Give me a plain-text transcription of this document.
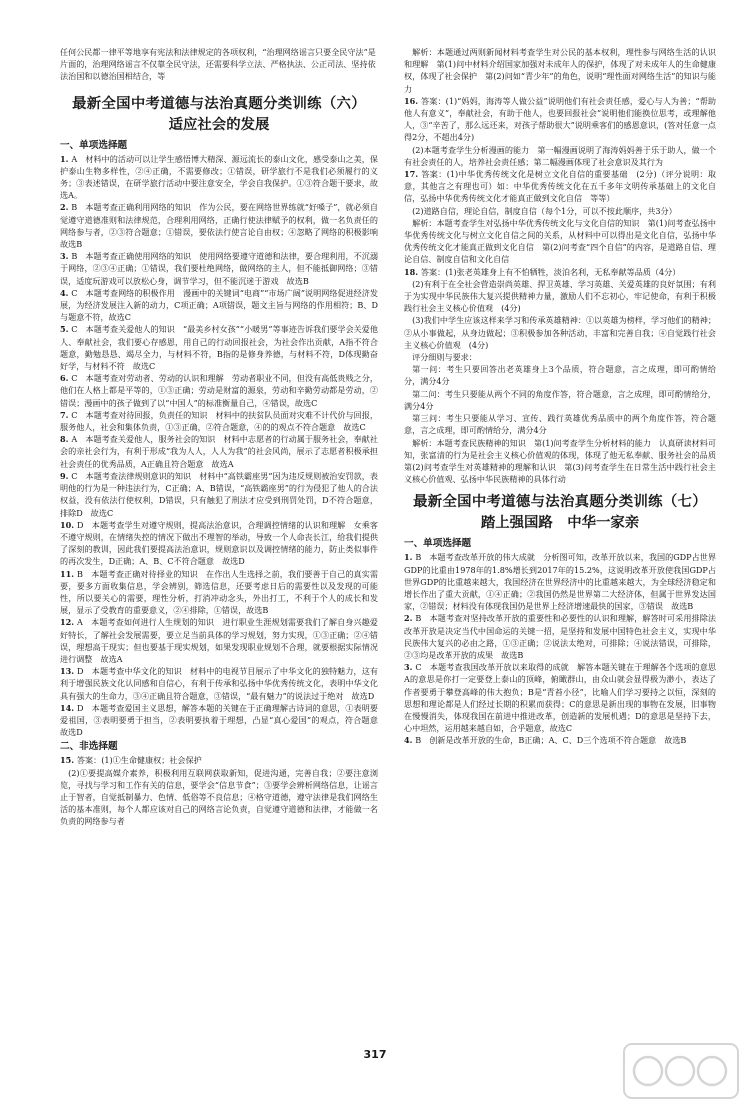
任何公民都一律平等地享有宪法和法律规定的各项权利，“治理网络谣言只要全民守法”是片面的，治理网络谣言不仅靠全民守法，还需要科学立法、严格执法、公正司法、坚持依法治国和以德治国相结合，等

最新全国中考道德与法治真题分类训练（六）
适应社会的发展
一、单项选择题

1. A　材料中的活动可以让学生感悟博大精深、源远流长的泰山文化，感受泰山之美，保护泰山生物多样性，②④正确，不需要修改；①错误，研学旅行不是我们必须履行的义务；③表述错误，在研学旅行活动中要注意安全，学会自我保护。①③符合题干要求，故选A。

2. B　本题考查正确利用网络的知识　作为公民，要在网络世界练就“好嗓子”，就必须自觉遵守道德准则和法律规范，合理利用网络，正确行使法律赋予的权利，做一名负责任的网络参与者，②③符合题意；①错误，要依法行使言论自由权；④忽略了网络的积极影响　故选B

3. B　本题考查正确使用网络的知识　使用网络要遵守道德和法律，要合理利用，不沉溺于网络，②③④正确；①错误，我们要杜绝网络，做网络的主人，但不能抵御网络；③错误，适度玩游戏可以放松心身，调节学习，但不能沉迷于游戏　故选B

4. C　本题考查网络的积极作用　漫画中的关键词“电商”“市场广阔”说明网络促进经济发展，为经济发展注入新的动力，C项正确；A项错误，题文主旨与网络的作用相符；B、D与题意不符，故选C

5. C　本题考查关爱他人的知识　“最美乡村女孩”“小暖男”等事迹告诉我们要学会关爱他人、奉献社会，我们要心存感恩，用自己的行动回报社会，为社会作出贡献，A指不符合题意，勤勉恳恳、竭尽全力，与材料不符，B指的是修身养德，与材料不符，D体现勤奋好学，与材料不符　故选C

6. C　本题考查对劳动者、劳动的认识和理解　劳动者职业不同，但没有高低贵贱之分，他们在人格上都是平等的，①③正确；劳动是财富的源泉，劳动和辛勤劳动都是劳动，②错误；漫画中的孩子做到了以“中国人”的标准衡量自己，④错误，故选C

7. C　本题考查对待回报，负责任的知识　材料中的扶贫队员面对灾难不计代价与回报，服务他人，社会和集体负责，①③正确，②符合题意，④的的观点不符合题意　故选C

8. A　本题考查关爱他人，服务社会的知识　材料中志愿者的行动属于服务社会，奉献社会的亲社会行为，有利于形成“我为人人，人人为我”的社会风尚，展示了志愿者积极承担社会责任的优秀品质，A正确且符合题意　故选A

9. C　本题考查法律规则意识的知识　材料中“高铁霸座男”因为违反规则被治安罚款，表明他的行为是一种违法行为，C正确；A、B错误，“高铁霸座男”的行为侵犯了他人的合法权益，没有依法行使权利，D错误，只有触犯了刑法才应受到刑罚处罚，D不符合题意，排除D　故选C

10. D　本题考查学生对遵守规则，提高法治意识，合理调控情绪的认识和理解　女乘客不遵守规则，在情绪失控的情况下做出不理智的举动，导致一个人命丧长江，给我们提供了深刻的教训，因此我们要提高法治意识，规则意识以及调控情绪的能力，防止类似事件的再次发生，D正确；A、B、C不符合题意　故选D

11. B　本题考查正确对待择业的知识　在作出人生选择之前，我们要善于自己的真实需要，要多方面收集信息，学会辨别，筛选信息，还要考虑日后的需要性以及发现的可能性，所以要关心的需要，理性分析，打消冲动念头，外出打工，不利于个人的成长和发展，显示了受教育的重要意义，②④排除，①错误，故选B

12. A　本题考查如何进行人生规划的知识　进行职业生涯规划需要我们了解自身兴趣爱好特长，了解社会发展需要，要立足当前具体的学习规划，努力实现，①③正确；②④错误，理想高于现实；但也要基于现实规划，如果发现职业规划不合理，就要根据实际情况进行调整　故选A

13. D　本题考查中华文化的知识　材料中的电视节目展示了中华文化的独特魅力，这有利于增强民族文化认同感和自信心，有利于传承和弘扬中华优秀传统文化，表明中华文化具有强大的生命力，③④正确且符合题意，③错误，“最有魅力”的说法过于绝对　故选D

14. D　本题考查爱国主义思想，解答本题的关键在于正确理解古诗词的意思，①表明要爱祖国，③表明要勇于担当，②表明要执着于理想，凸显“真心爱国”的观点，符合题意　故选D

二、非选择题

15. 答案：(1)①生命健康权；社会保护

(2)①要提高媒介素养，积极利用互联网获取新知，促进沟通，完善自我；②要注意浏览，寻找与学习和工作有关的信息，要学会“信息节食”；③要学会辨析网络信息，让谣言止于智者，自觉抵制暴力、色情、低俗等不良信息；④格守道德，遵守法律是我们网络生活的基本准则，每个人都应该对自己的网络言论负责，自觉遵守道德和法律，才能做一名负责的网络参与者

解析：本题通过两则新闻材料考查学生对公民的基本权利，理性参与网络生活的认识和理解　第(1)问中材料介绍国家加强对未成年人的保护，体现了对未成年人的生命健康权，体现了社会保护　第(2)问如“青少年”的角色，说明“理性面对网络生活”的知识与能力

16. 答案：(1)“妈妈，海涛等人做公益”说明他们有社会责任感，爱心与人为善；“帮助他人有意义”，奉献社会，有助于他人，也要回报社会”说明他们能换位思考，或理解他人，③“辛苦了，那么远还来，对孩子帮助很大”说明乘客们的感恩意识，(答对任意一点得2分，不超出4分)

(2)本题考查学生分析漫画的能力　第一幅漫画说明了海涛妈妈善于乐于助人，做一个有社会责任的人，培养社会责任感；第二幅漫画体现了社会意识及其行为

17. 答案：(1)中华优秀传统文化是树立文化自信的重要基础　(2分)（评分说明：取意，其他言之有理也可）如：中华优秀传统文化在五千多年文明传承基础上的文化自信，弘扬中华优秀传统文化才能真正做到文化自信　等等）

(2)道路自信，理论自信，制度自信（每个1分，可以不按此顺序，共3分）

解析：本题考查学生对弘扬中华优秀传统文化与文化自信的知识　第(1)问考查弘扬中华优秀传统文化与树立文化自信之间的关系，从材料中可以得出是文化自信，弘扬中华优秀传统文化才能真正做到文化自信　第(2)问考查“四个自信”的内容，是道路自信、理论自信、制度自信和文化自信

18. 答案：(1)张老英雄身上有不怕牺牲，淡泊名利，无私奉献等品质（4分）

(2)有利于在全社会营造崇尚英雄、捍卫英雄、学习英雄、关爱英雄的良好氛围；有利于为实现中华民族伟大复兴提供精神力量，激励人们不忘初心，牢记使命，有利于积极践行社会主义核心价值观　(4分)

(3)我们中学生应该这样来学习和传承英雄精神：①以英雄为榜样，学习他们的精神；②从小事做起，从身边做起；③积极参加各种活动，丰富和完善自我；④自觉践行社会主义核心价值观　(4分)

评分细则与要求：

第一问：考生只要回答出老英雄身上3个品质，符合题意，言之成理，即可酌情给分，满分4分

第二问：考生只要能从两个不同的角度作答，符合题意，言之成理，即可酌情给分，满分4分

第三问：考生只要能从学习、宣传、践行英雄优秀品质中的两个角度作答，符合题意，言之成理，即可酌情给分，满分4分

解析：本题考查民族精神的知识　第(1)问考查学生分析材料的能力　认真研读材料可知，张富清的行为是社会主义核心价值观的体现，体现了他无私奉献、服务社会的品质　第(2)问考查学生对英雄精神的理解和认识　第(3)问考查学生在日常生活中践行社会主义核心价值观、弘扬中华民族精神的具体行动

最新全国中考道德与法治真题分类训练（七）
踏上强国路　中华一家亲
一、单项选择题

1. B　本题考查改革开放的伟大成就　分析图可知，改革开放以来，我国的GDP占世界GDP的比重由1978年的1.8%增长到2017年的15.2%，这说明改革开放使我国GDP占世界GDP的比重越来越大，我国经济在世界经济中的比重越来越大，为全球经济稳定和增长作出了重大贡献，①④正确；②我国仍然是世界第二大经济体，但属于世界发达国家，②错误；材料没有体现我国仍是世界上经济增速最快的国家，③错误　故选B

2. B　本题考查对坚持改革开放的重要性和必要性的认识和理解，解答时可采用排除法　改革开放是决定当代中国命运的关键一招，是坚持和发展中国特色社会主义，实现中华民族伟大复兴的必由之路，①③正确；②说法太绝对，可排除；④说法错误，可排除，②③均是改革开放的成果　故选B

3. C　本题考查我国改革开放以来取得的成就　解答本题关键在于理解各个选项的意思　A的意思是你打一定要登上泰山的顶峰，俯瞰群山，由众山就会显得极为渺小，表达了作者要勇于攀登高峰的伟大抱负；B是“青苔小径”，比喻人们学习要持之以恒，深刻的思想和理论都是人们经过长期的积累而获得；C的意思是新出现的事物在发展，旧事物在慢慢消失，体现我国在前进中推进改革，创造新的发展机遇；D的意思是坚持下去，心中坦然，运用越来越自如，合乎题意，故选C

4. B　创新是改革开放的生命，B正确；A、C、D三个选项不符合题意　故选B

317
